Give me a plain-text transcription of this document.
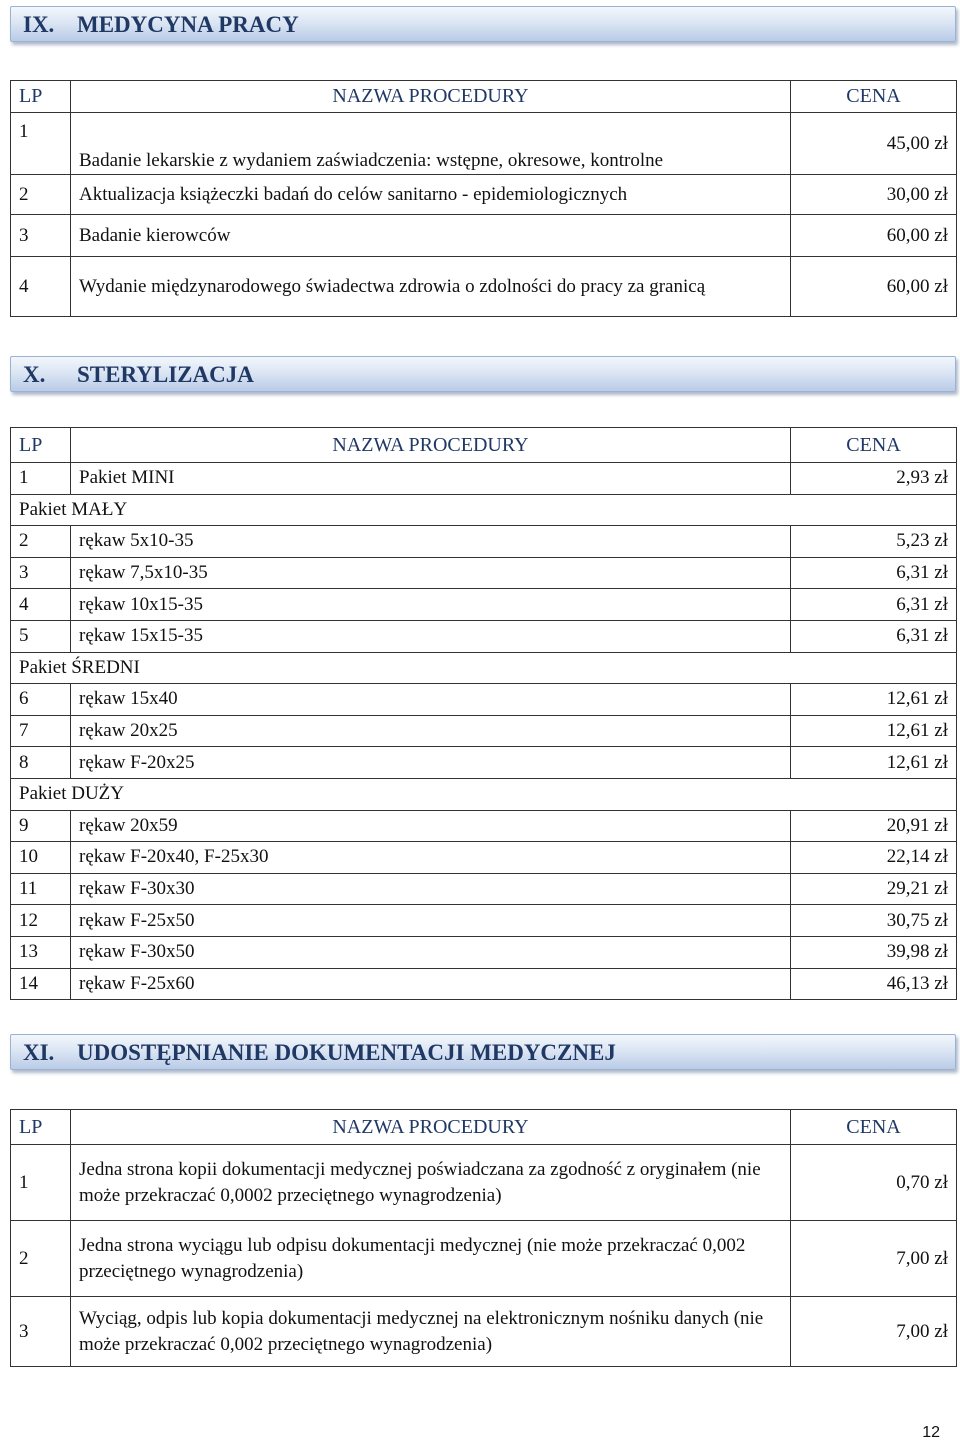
IX. MEDYCYNA PRACY
LP	NAZWA PROCEDURY	CENA
1	Badanie lekarskie z wydaniem zaświadczenia: wstępne, okresowe, kontrolne	45,00 zł
2	Aktualizacja książeczki badań do celów sanitarno - epidemiologicznych	30,00 zł
3	Badanie kierowców	60,00 zł
4	Wydanie międzynarodowego świadectwa zdrowia o zdolności do pracy za granicą	60,00 zł
X. STERYLIZACJA
LP	NAZWA PROCEDURY	CENA
1	Pakiet MINI	2,93 zł
Pakiet MAŁY		
2	rękaw 5x10-35	5,23 zł
3	rękaw 7,5x10-35	6,31 zł
4	rękaw 10x15-35	6,31 zł
5	rękaw 15x15-35	6,31 zł
Pakiet ŚREDNI		
6	rękaw 15x40	12,61 zł
7	rękaw 20x25	12,61 zł
8	rękaw F-20x25	12,61 zł
Pakiet DUŻY		
9	rękaw 20x59	20,91 zł
10	rękaw F-20x40, F-25x30	22,14 zł
11	rękaw F-30x30	29,21 zł
12	rękaw F-25x50	30,75 zł
13	rękaw F-30x50	39,98 zł
14	rękaw F-25x60	46,13 zł
XI. UDOSTĘPNIANIE DOKUMENTACJI MEDYCZNEJ
LP	NAZWA PROCEDURY	CENA
1	Jedna strona kopii dokumentacji medycznej poświadczana za zgodność z oryginałem (nie może przekraczać 0,0002 przeciętnego wynagrodzenia)	0,70 zł
2	Jedna strona wyciągu lub odpisu dokumentacji medycznej (nie może przekraczać 0,002 przeciętnego wynagrodzenia)	7,00 zł
3	Wyciąg, odpis lub kopia dokumentacji medycznej na elektronicznym nośniku danych (nie może przekraczać 0,002 przeciętnego wynagrodzenia)	7,00 zł
12
